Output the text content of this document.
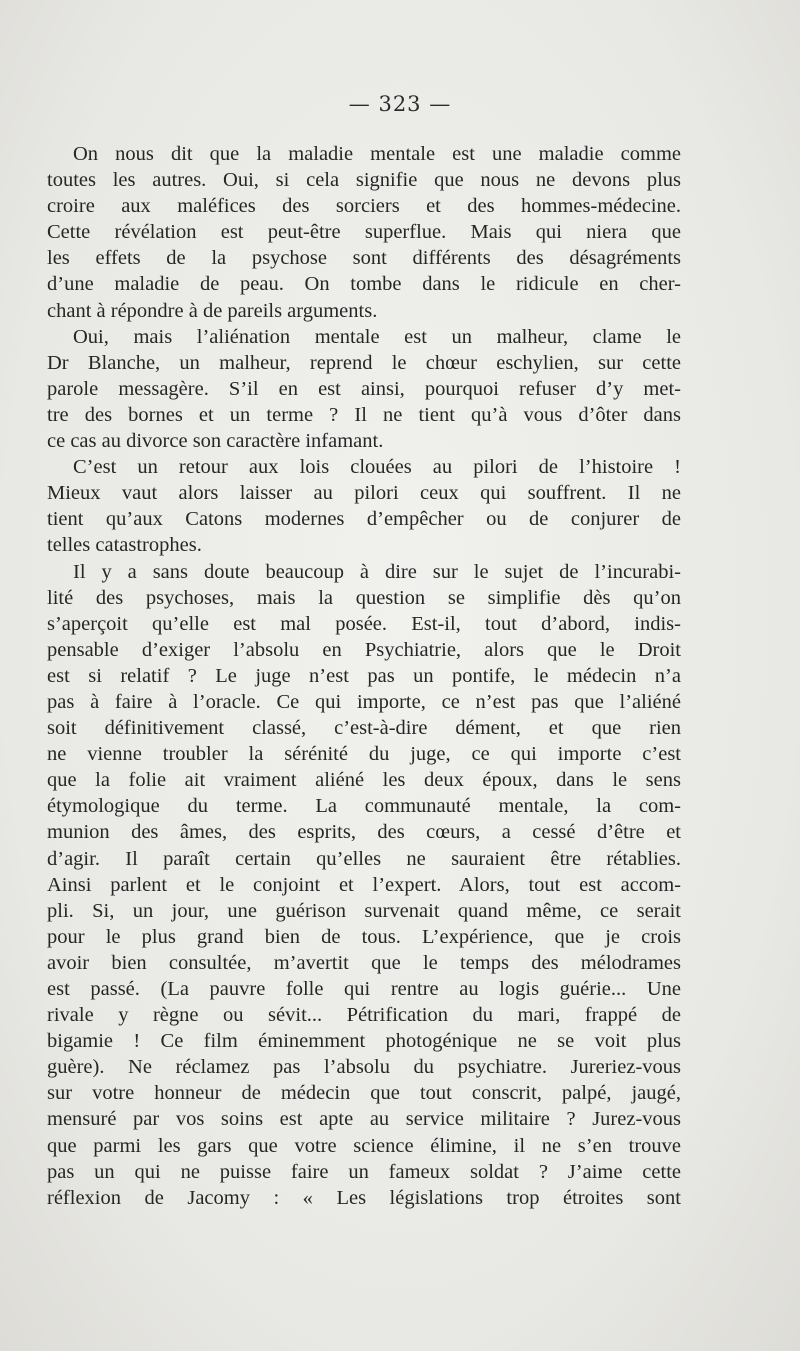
— 323 —
On nous dit que la maladie mentale est une maladie comme
toutes les autres. Oui, si cela signifie que nous ne devons plus
croire aux maléfices des sorciers et des hommes-médecine.
Cette révélation est peut-être superflue. Mais qui niera que
les effets de la psychose sont différents des désagréments
d’une maladie de peau. On tombe dans le ridicule en cher-
chant à répondre à de pareils arguments.
Oui, mais l’aliénation mentale est un malheur, clame le
Dr Blanche, un malheur, reprend le chœur eschylien, sur cette
parole messagère. S’il en est ainsi, pourquoi refuser d’y met-
tre des bornes et un terme ? Il ne tient qu’à vous d’ôter dans
ce cas au divorce son caractère infamant.
C’est un retour aux lois clouées au pilori de l’histoire !
Mieux vaut alors laisser au pilori ceux qui souffrent. Il ne
tient qu’aux Catons modernes d’empêcher ou de conjurer de
telles catastrophes.
Il y a sans doute beaucoup à dire sur le sujet de l’incurabi-
lité des psychoses, mais la question se simplifie dès qu’on
s’aperçoit qu’elle est mal posée. Est-il, tout d’abord, indis-
pensable d’exiger l’absolu en Psychiatrie, alors que le Droit
est si relatif ? Le juge n’est pas un pontife, le médecin n’a
pas à faire à l’oracle. Ce qui importe, ce n’est pas que l’aliéné
soit définitivement classé, c’est-à-dire dément, et que rien
ne vienne troubler la sérénité du juge, ce qui importe c’est
que la folie ait vraiment aliéné les deux époux, dans le sens
étymologique du terme. La communauté mentale, la com-
munion des âmes, des esprits, des cœurs, a cessé d’être et
d’agir. Il paraît certain qu’elles ne sauraient être rétablies.
Ainsi parlent et le conjoint et l’expert. Alors, tout est accom-
pli. Si, un jour, une guérison survenait quand même, ce serait
pour le plus grand bien de tous. L’expérience, que je crois
avoir bien consultée, m’avertit que le temps des mélodrames
est passé. (La pauvre folle qui rentre au logis guérie... Une
rivale y règne ou sévit... Pétrification du mari, frappé de
bigamie ! Ce film éminemment photogénique ne se voit plus
guère). Ne réclamez pas l’absolu du psychiatre. Jureriez-vous
sur votre honneur de médecin que tout conscrit, palpé, jaugé,
mensuré par vos soins est apte au service militaire ? Jurez-vous
que parmi les gars que votre science élimine, il ne s’en trouve
pas un qui ne puisse faire un fameux soldat ? J’aime cette
réflexion de Jacomy : « Les législations trop étroites sont
